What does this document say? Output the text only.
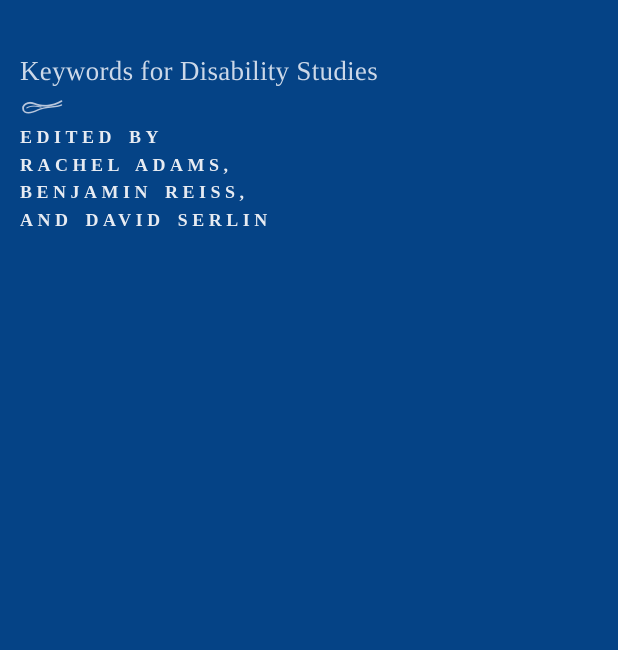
Keywords for Disability Studies
EDITED BY
RACHEL ADAMS,
BENJAMIN REISS,
AND DAVID SERLIN
